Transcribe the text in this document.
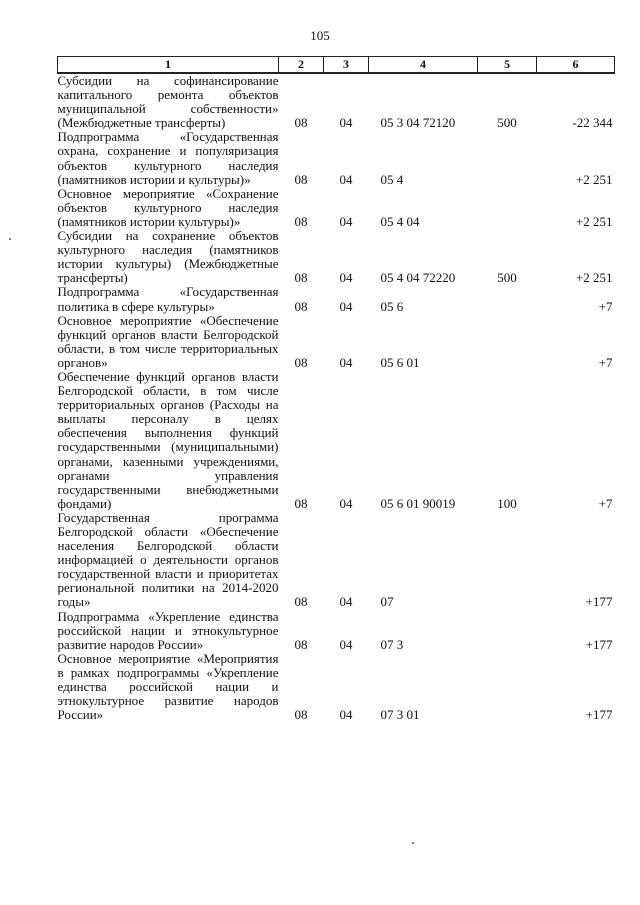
105
1	2	3	4	5	6
Субсидии на софинансирование капитального ремонта объектов муниципальной собственности» (Межбюджетные трансферты)	08	04	05 3 04 72120	500	-22 344
Подпрограмма «Государственная охрана, сохранение и популяризация объектов культурного наследия (памятников истории и культуры)»	08	04	05 4		+2 251
Основное мероприятие «Сохранение объектов культурного наследия (памятников истории культуры)»	08	04	05 4 04		+2 251
Субсидии на сохранение объектов культурного наследия (памятников истории культуры) (Межбюджетные трансферты)	08	04	05 4 04 72220	500	+2 251
Подпрограмма «Государственная политика в сфере культуры»	08	04	05 6		+7
Основное мероприятие «Обеспечение функций органов власти Белгородской области, в том числе территориальных органов»	08	04	05 6 01		+7
Обеспечение функций органов власти Белгородской области, в том числе территориальных органов (Расходы на выплаты персоналу в целях обеспечения выполнения функций государственными (муниципальными) органами, казенными учреждениями, органами управления государственными внебюджетными фондами)	08	04	05 6 01 90019	100	+7
Государственная программа Белгородской области «Обеспечение населения Белгородской области информацией о деятельности органов государственной власти и приоритетах региональной политики на 2014-2020 годы»	08	04	07		+177
Подпрограмма «Укрепление единства российской нации и этнокультурное развитие народов России»	08	04	07 3		+177
Основное мероприятие «Мероприятия в рамках подпрограммы «Укрепление единства российской нации и этнокультурное развитие народов России»	08	04	07 3 01		+177
